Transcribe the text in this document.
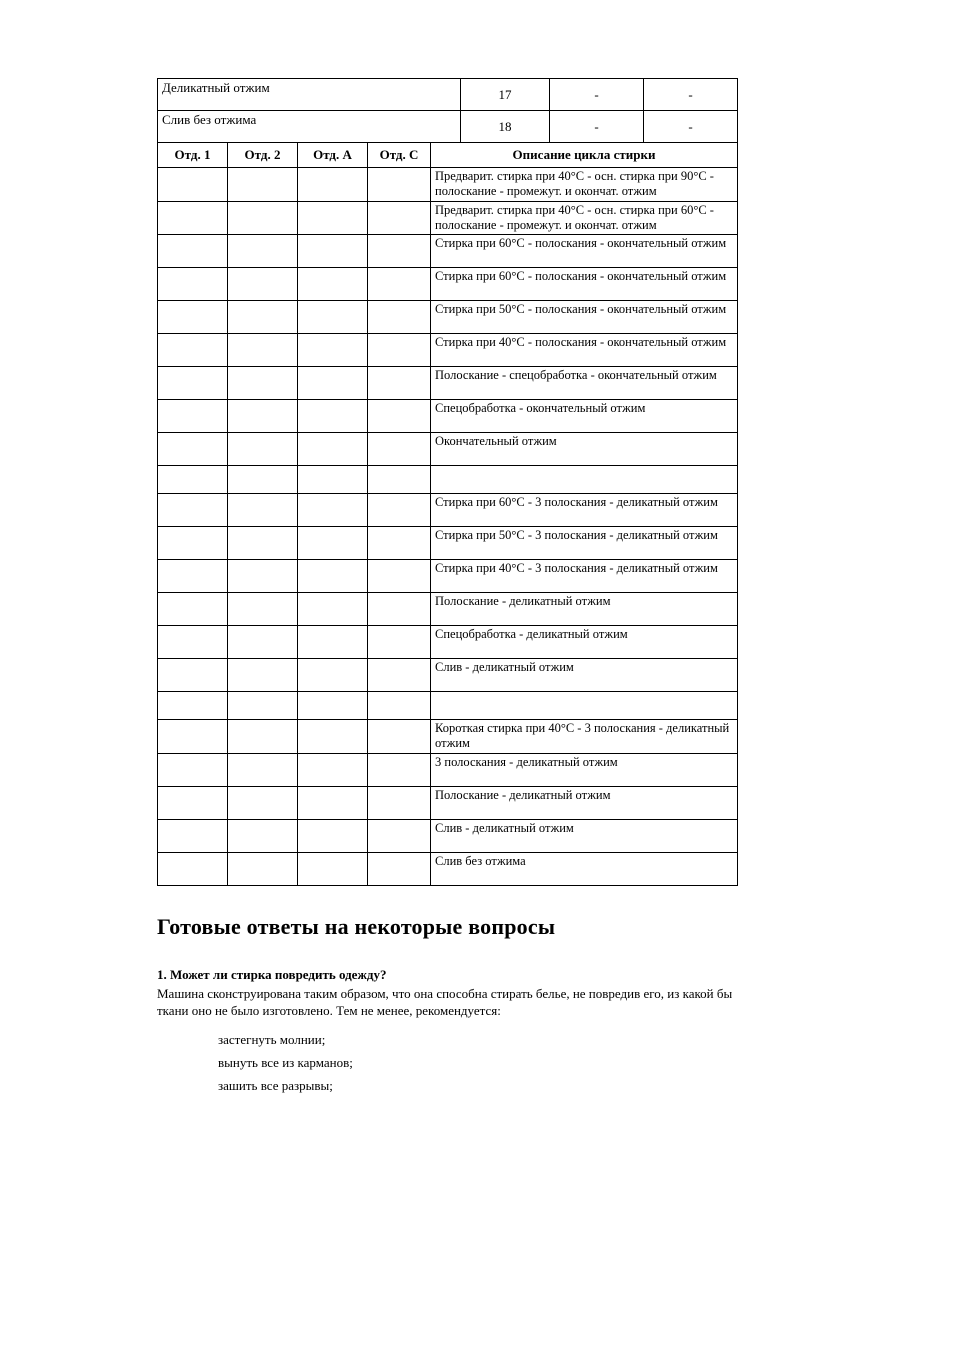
Деликатный отжим	17	-	-
Слив без отжима	18	-	-
Отд. 1	Отд. 2	Отд. А	Отд. С	Описание цикла стирки
				Предварит. стирка при 40°C - осн. стирка при 90°C - полоскание - промежут. и окончат. отжим
				Предварит. стирка при 40°C - осн. стирка при 60°C - полоскание - промежут. и окончат. отжим
				Стирка при 60°C - полоскания - окончательный отжим
				Стирка при 60°C - полоскания - окончательный отжим
				Стирка при 50°C - полоскания - окончательный отжим
				Стирка при 40°C - полоскания - окончательный отжим
				Полоскание - спецобработка - окончательный отжим
				Спецобработка - окончательный отжим
				Окончательный отжим

				Стирка при 60°C - 3 полоскания - деликатный отжим
				Стирка при 50°C - 3 полоскания - деликатный отжим
				Стирка при 40°C - 3 полоскания - деликатный отжим
				Полоскание - деликатный отжим
				Спецобработка - деликатный отжим
				Слив - деликатный отжим

				Короткая стирка при 40°C - 3 полоскания - деликатный отжим
				3 полоскания - деликатный отжим
				Полоскание - деликатный отжим
				Слив - деликатный отжим
				Слив без отжима
Готовые ответы на некоторые вопросы
1. Может ли стирка повредить одежду?
Машина сконструирована таким образом, что она способна стирать белье, не повредив его, из какой бы ткани оно не было изготовлено. Тем не менее, рекомендуется:
застегнуть молнии;
вынуть все из карманов;
зашить все разрывы;
